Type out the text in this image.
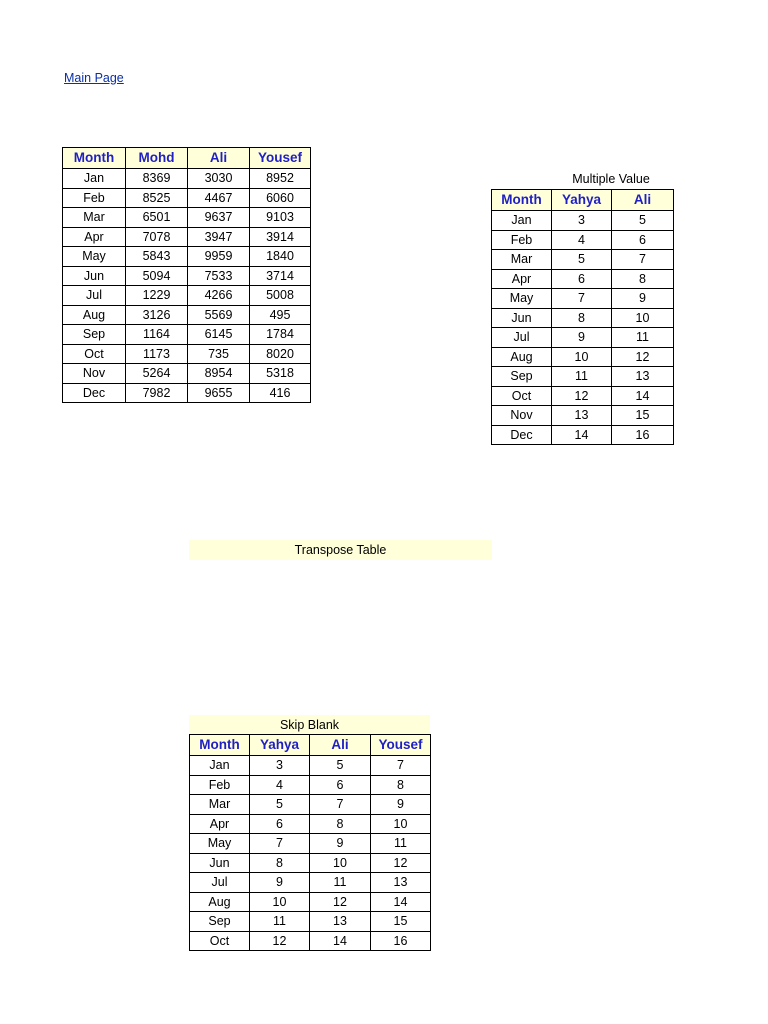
Main Page
Month	Mohd	Ali	Yousef
Jan	8369	3030	8952
Feb	8525	4467	6060
Mar	6501	9637	9103
Apr	7078	3947	3914
May	5843	9959	1840
Jun	5094	7533	3714
Jul	1229	4266	5008
Aug	3126	5569	495
Sep	1164	6145	1784
Oct	1173	735	8020
Nov	5264	8954	5318
Dec	7982	9655	416
Multiple Value
Month	Yahya	Ali
Jan	3	5
Feb	4	6
Mar	5	7
Apr	6	8
May	7	9
Jun	8	10
Jul	9	11
Aug	10	12
Sep	11	13
Oct	12	14
Nov	13	15
Dec	14	16
Transpose Table
Skip Blank
Month	Yahya	Ali	Yousef
Jan	3	5	7
Feb	4	6	8
Mar	5	7	9
Apr	6	8	10
May	7	9	11
Jun	8	10	12
Jul	9	11	13
Aug	10	12	14
Sep	11	13	15
Oct	12	14	16
